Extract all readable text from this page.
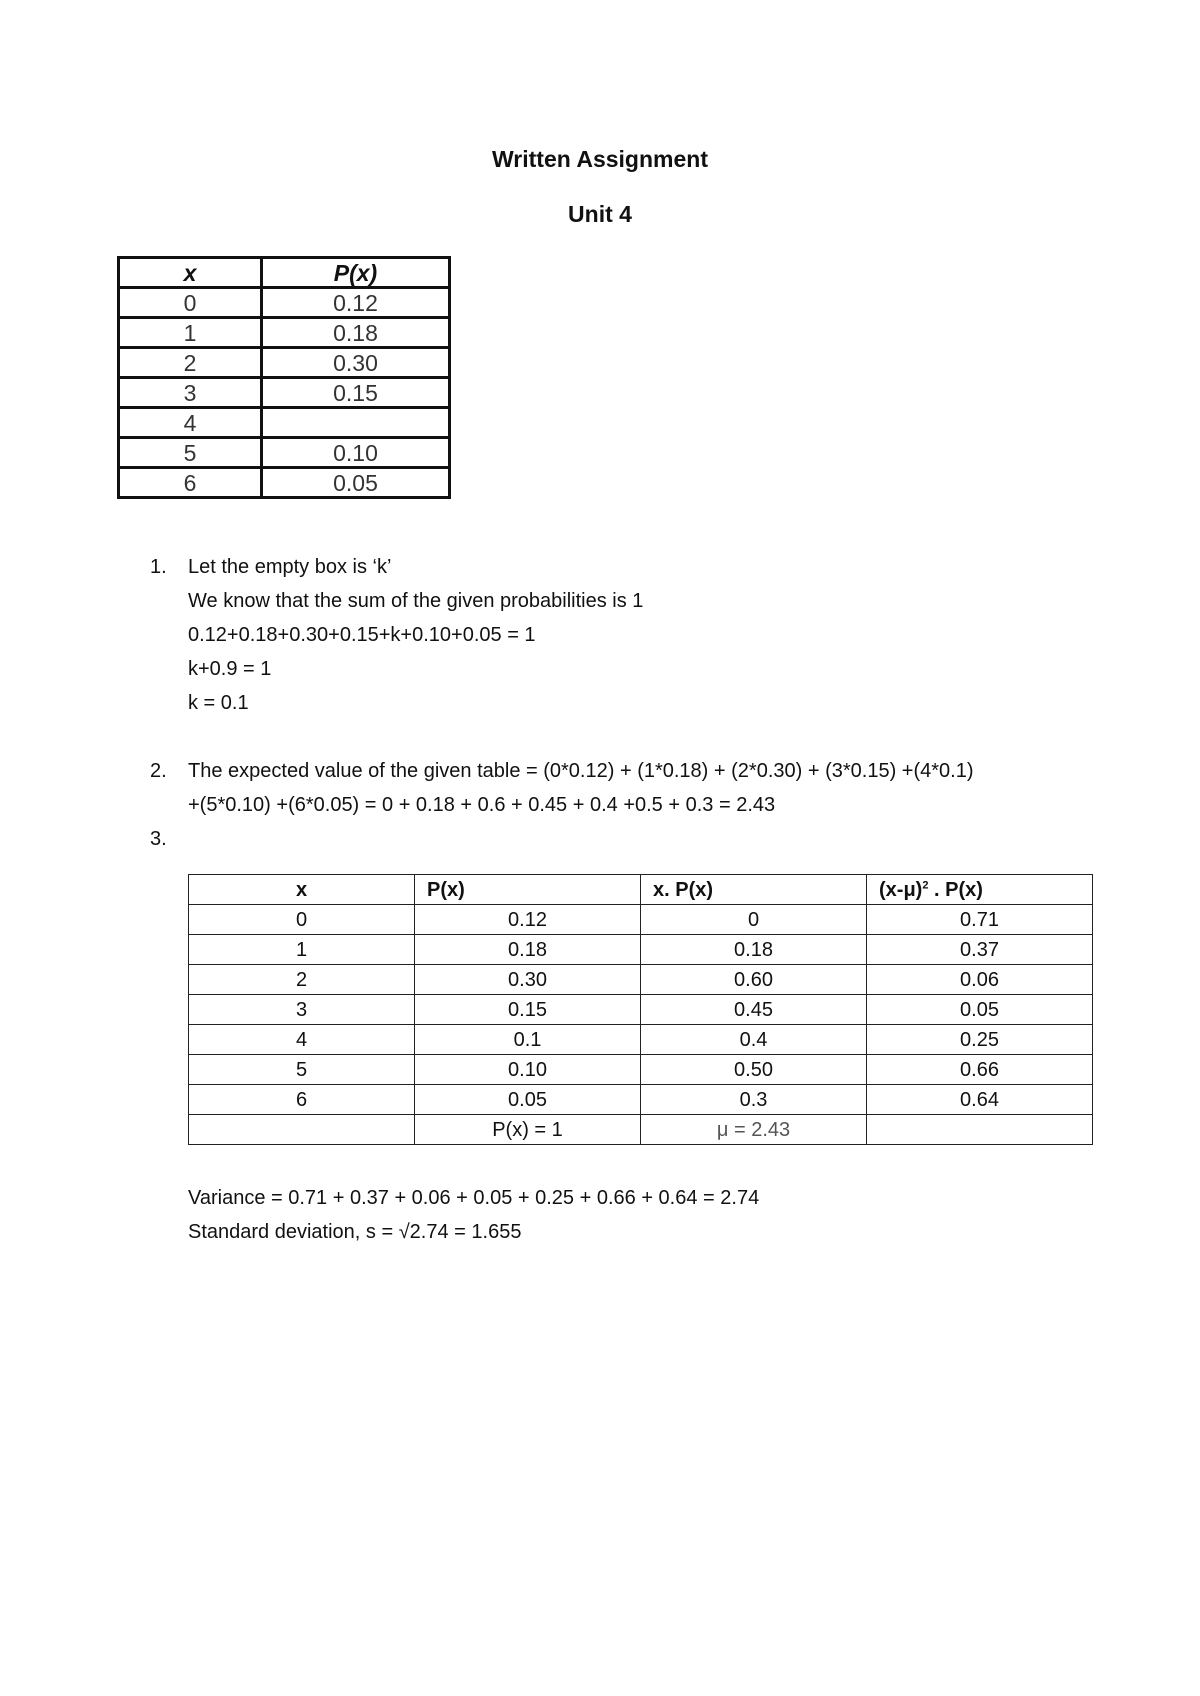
Written Assignment
Unit 4
x	P(x)
0	0.12
1	0.18
2	0.30
3	0.15
4	
5	0.10
6	0.05
1. Let the empty box is ‘k’
We know that the sum of the given probabilities is 1
0.12+0.18+0.30+0.15+k+0.10+0.05 = 1
k+0.9 = 1
k = 0.1
2. The expected value of the given table = (0*0.12) + (1*0.18) + (2*0.30) + (3*0.15) +(4*0.1)
+(5*0.10) +(6*0.05) = 0 + 0.18 + 0.6 + 0.45 + 0.4 +0.5 + 0.3 = 2.43
3.
x	P(x)	x. P(x)	$(x-\mu)^2$ . P(x)
0	0.12	0	0.71
1	0.18	0.18	0.37
2	0.30	0.60	0.06
3	0.15	0.45	0.05
4	0.1	0.4	0.25
5	0.10	0.50	0.66
6	0.05	0.3	0.64
	P(x) = 1	μ = 2.43	
Variance = 0.71 + 0.37 + 0.06 + 0.05 + 0.25 + 0.66 + 0.64 = 2.74
Standard deviation, s = √2.74 = 1.655
